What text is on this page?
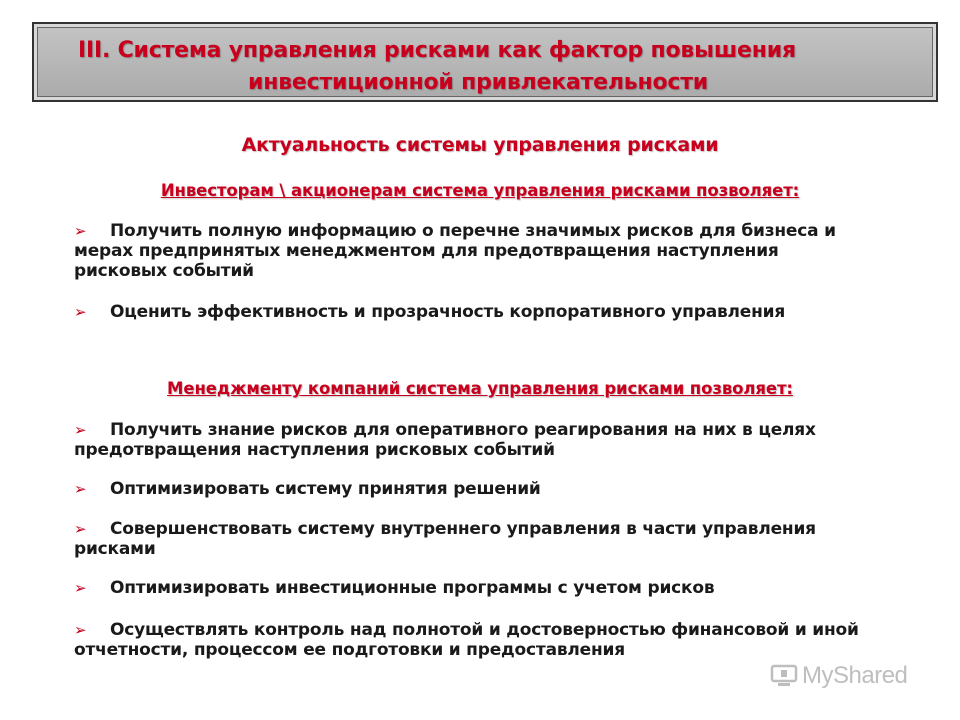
III. Система управления рисками как фактор повышения
инвестиционной привлекательности
Актуальность системы управления рисками
Инвесторам \ акционерам система управления рисками позволяет:
➢ Получить полную информацию о перечне значимых рисков для бизнеса и мерах предпринятых менеджментом для предотвращения наступления рисковых событий
➢ Оценить эффективность и прозрачность корпоративного управления
Менеджменту компаний система управления рисками позволяет:
➢ Получить знание рисков для оперативного реагирования на них в целях предотвращения наступления рисковых событий
➢ Оптимизировать систему принятия решений
➢ Совершенствовать систему внутреннего управления в части управления рисками
➢ Оптимизировать инвестиционные программы с учетом рисков
➢ Осуществлять контроль над полнотой и достоверностью финансовой и иной отчетности, процессом ее подготовки и предоставления
MyShared
